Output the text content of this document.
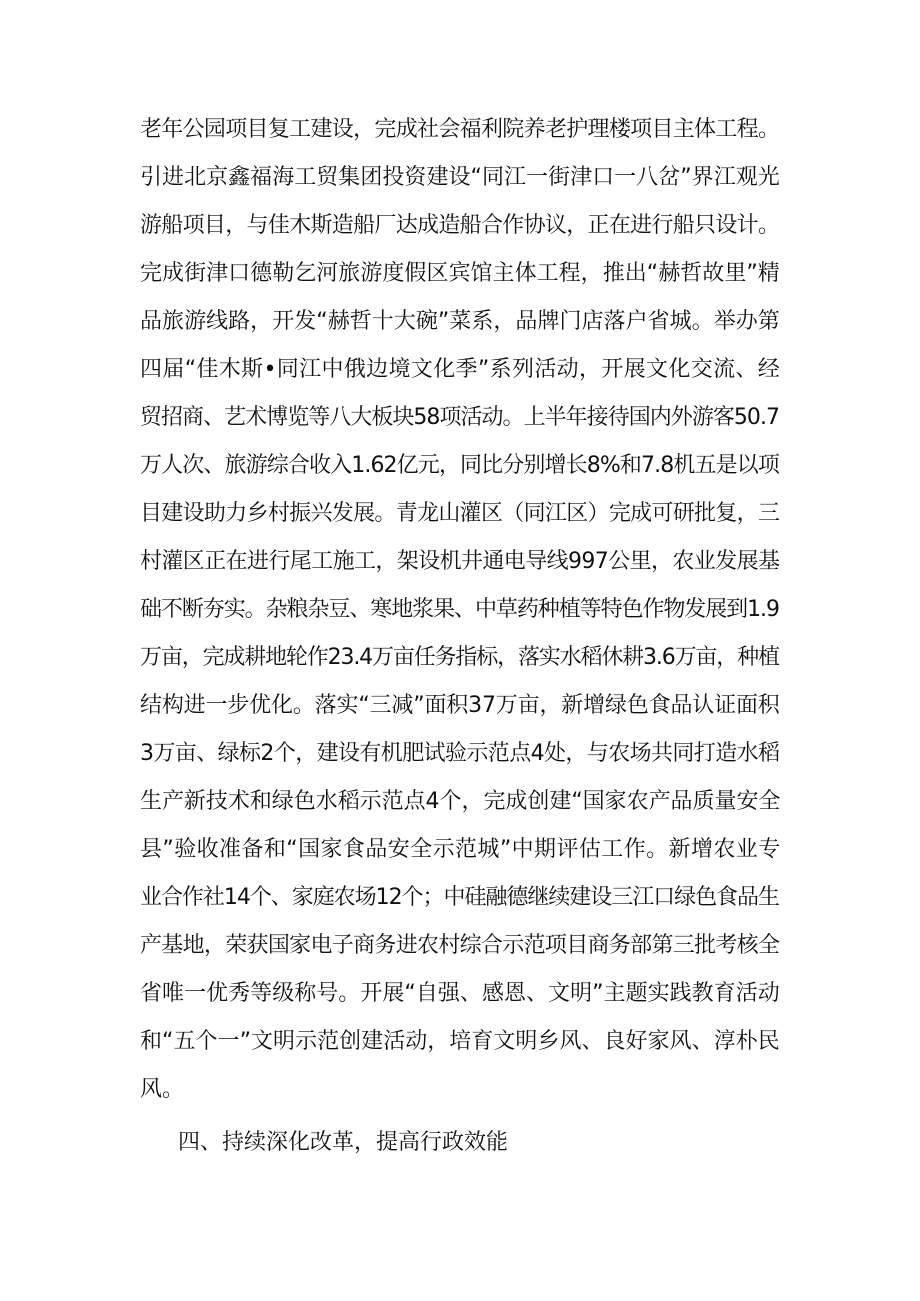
老年公园项目复工建设，完成社会福利院养老护理楼项目主体工程。
引进北京鑫福海工贸集团投资建设“同江一街津口一八岔”界江观光
游船项目，与佳木斯造船厂达成造船合作协议，正在进行船只设计。
完成街津口德勒乞河旅游度假区宾馆主体工程，推出“赫哲故里”精
品旅游线路，开发“赫哲十大碗”菜系，品牌门店落户省城。举办第
四届“佳木斯•同江中俄边境文化季”系列活动，开展文化交流、经
贸招商、艺术博览等八大板块58项活动。上半年接待国内外游客50.7
万人次、旅游综合收入1.62亿元，同比分别增长8%和7.8机五是以项
目建设助力乡村振兴发展。青龙山灌区（同江区）完成可研批复，三
村灌区正在进行尾工施工，架设机井通电导线997公里，农业发展基
础不断夯实。杂粮杂豆、寒地浆果、中草药种植等特色作物发展到1.9
万亩，完成耕地轮作23.4万亩任务指标，落实水稻休耕3.6万亩，种植
结构进一步优化。落实“三减”面积37万亩，新增绿色食品认证面积
3万亩、绿标2个，建设有机肥试验示范点4处，与农场共同打造水稻
生产新技术和绿色水稻示范点4个，完成创建“国家农产品质量安全
县”验收准备和“国家食品安全示范城”中期评估工作。新增农业专
业合作社14个、家庭农场12个；中硅融德继续建设三江口绿色食品生
产基地，荣获国家电子商务进农村综合示范项目商务部第三批考核全
省唯一优秀等级称号。开展“自强、感恩、文明”主题实践教育活动
和“五个一”文明示范创建活动，培育文明乡风、良好家风、淳朴民
风。
四、持续深化改革，提高行政效能
